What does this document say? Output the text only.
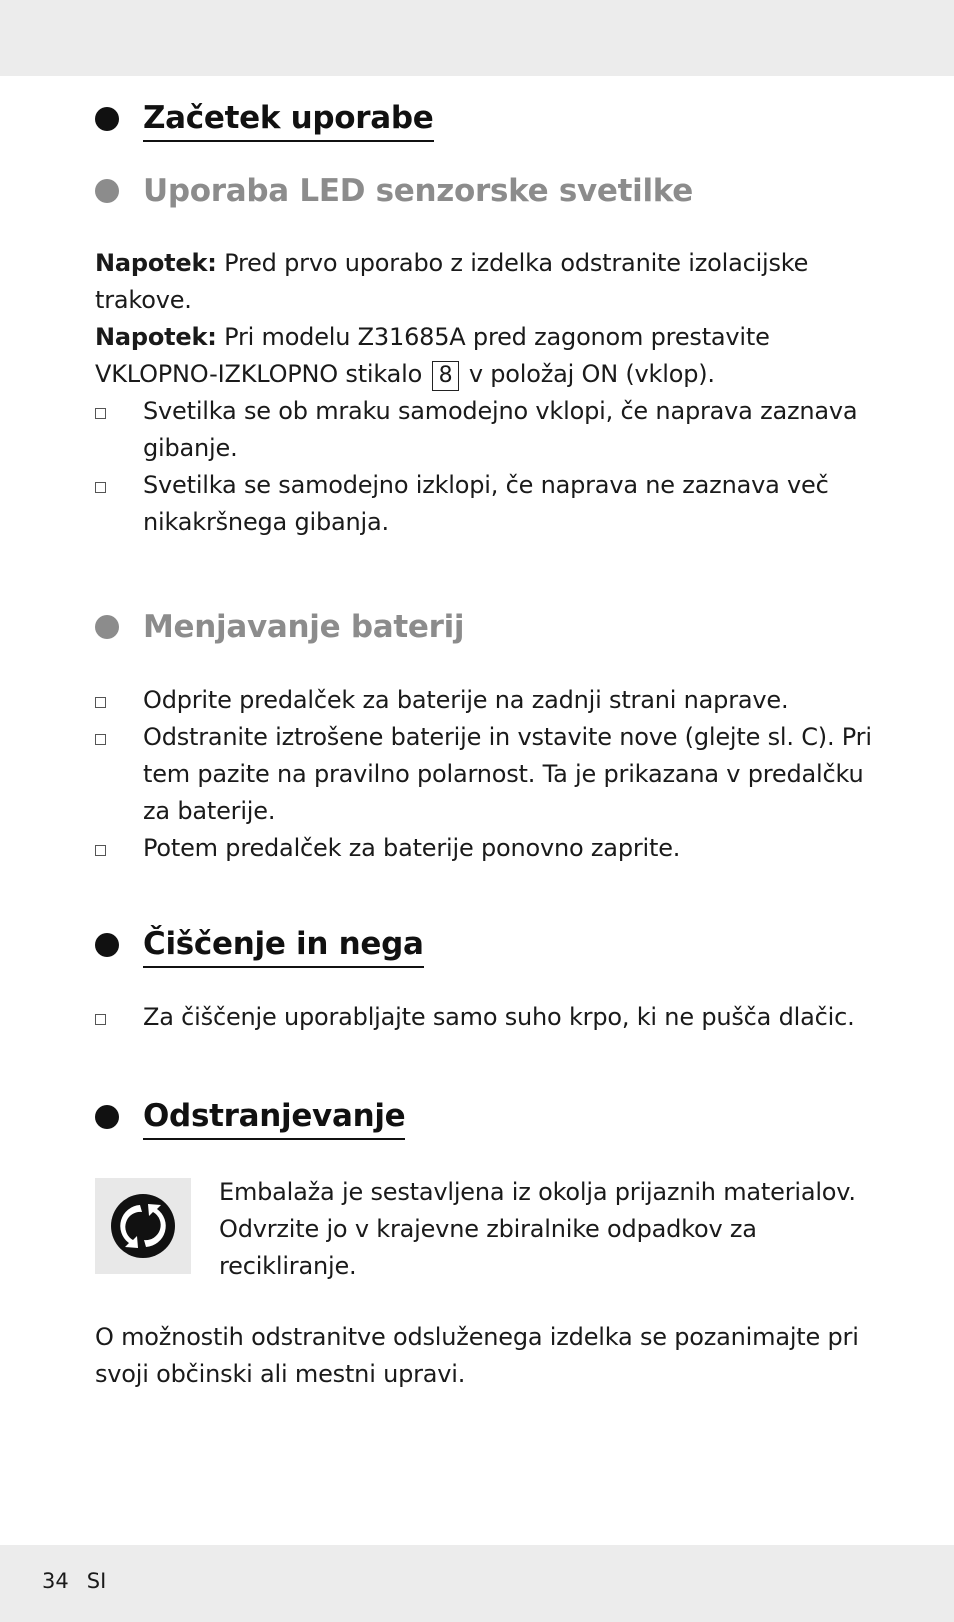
Začetek uporabe
Uporaba LED senzorske svetilke

Napotek: Pred prvo uporabo z izdelka odstranite izolacijske trakove.

Napotek: Pri modelu Z31685A pred zagonom prestavite VKLOPNO-IZKLOPNO stikalo 8 v položaj ON (vklop).

Svetilka se ob mraku samodejno vklopi, če naprava zaznava gibanje.
Svetilka se samodejno izklopi, če naprava ne zaznava več nikakršnega gibanja.
Menjavanje baterij
Odprite predalček za baterije na zadnji strani naprave.
Odstranite iztrošene baterije in vstavite nove (glejte sl. C). Pri tem pazite na pravilno polarnost. Ta je prikazana v predalčku za baterije.
Potem predalček za baterije ponovno zaprite.
Čiščenje in nega
Za čiščenje uporabljajte samo suho krpo, ki ne pušča dlačic.
Odstranjevanje

Embalaža je sestavljena iz okolja prijaznih materialov. Odvrzite jo v krajevne zbiralnike odpadkov za recikliranje.

O možnostih odstranitve odsluženega izdelka se pozanimajte pri svoji občinski ali mestni upravi.

34 SI
